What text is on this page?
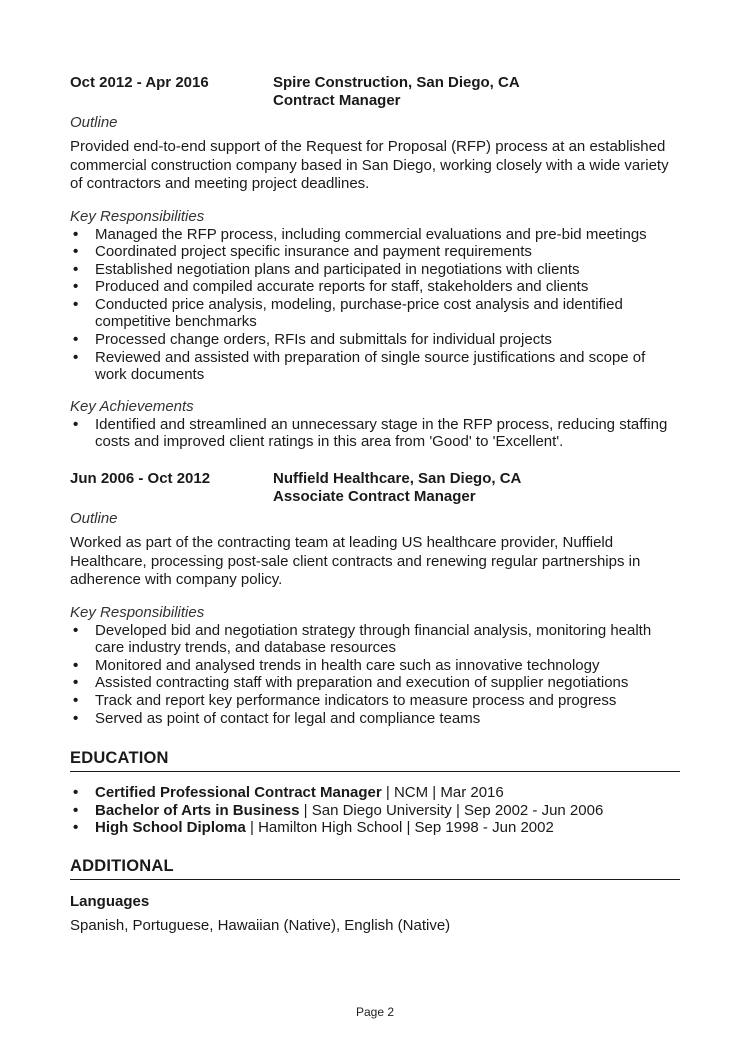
Oct 2012 - Apr 2016	Spire Construction, San Diego, CA
Contract Manager
Outline
Provided end-to-end support of the Request for Proposal (RFP) process at an established commercial construction company based in San Diego, working closely with a wide variety of contractors and meeting project deadlines.
Key Responsibilities
• Managed the RFP process, including commercial evaluations and pre-bid meetings
• Coordinated project specific insurance and payment requirements
• Established negotiation plans and participated in negotiations with clients
• Produced and compiled accurate reports for staff, stakeholders and clients
• Conducted price analysis, modeling, purchase-price cost analysis and identified competitive benchmarks
• Processed change orders, RFIs and submittals for individual projects
• Reviewed and assisted with preparation of single source justifications and scope of work documents
Key Achievements
• Identified and streamlined an unnecessary stage in the RFP process, reducing staffing costs and improved client ratings in this area from 'Good' to 'Excellent'.
Jun 2006 - Oct 2012	Nuffield Healthcare, San Diego, CA
Associate Contract Manager
Outline
Worked as part of the contracting team at leading US healthcare provider, Nuffield Healthcare, processing post-sale client contracts and renewing regular partnerships in adherence with company policy.
Key Responsibilities
• Developed bid and negotiation strategy through financial analysis, monitoring health care industry trends, and database resources
• Monitored and analysed trends in health care such as innovative technology
• Assisted contracting staff with preparation and execution of supplier negotiations
• Track and report key performance indicators to measure process and progress
• Served as point of contact for legal and compliance teams
EDUCATION
• Certified Professional Contract Manager | NCM | Mar 2016
• Bachelor of Arts in Business | San Diego University | Sep 2002 - Jun 2006
• High School Diploma | Hamilton High School | Sep 1998 - Jun 2002
ADDITIONAL
Languages
Spanish, Portuguese, Hawaiian (Native), English (Native)
Page 2
